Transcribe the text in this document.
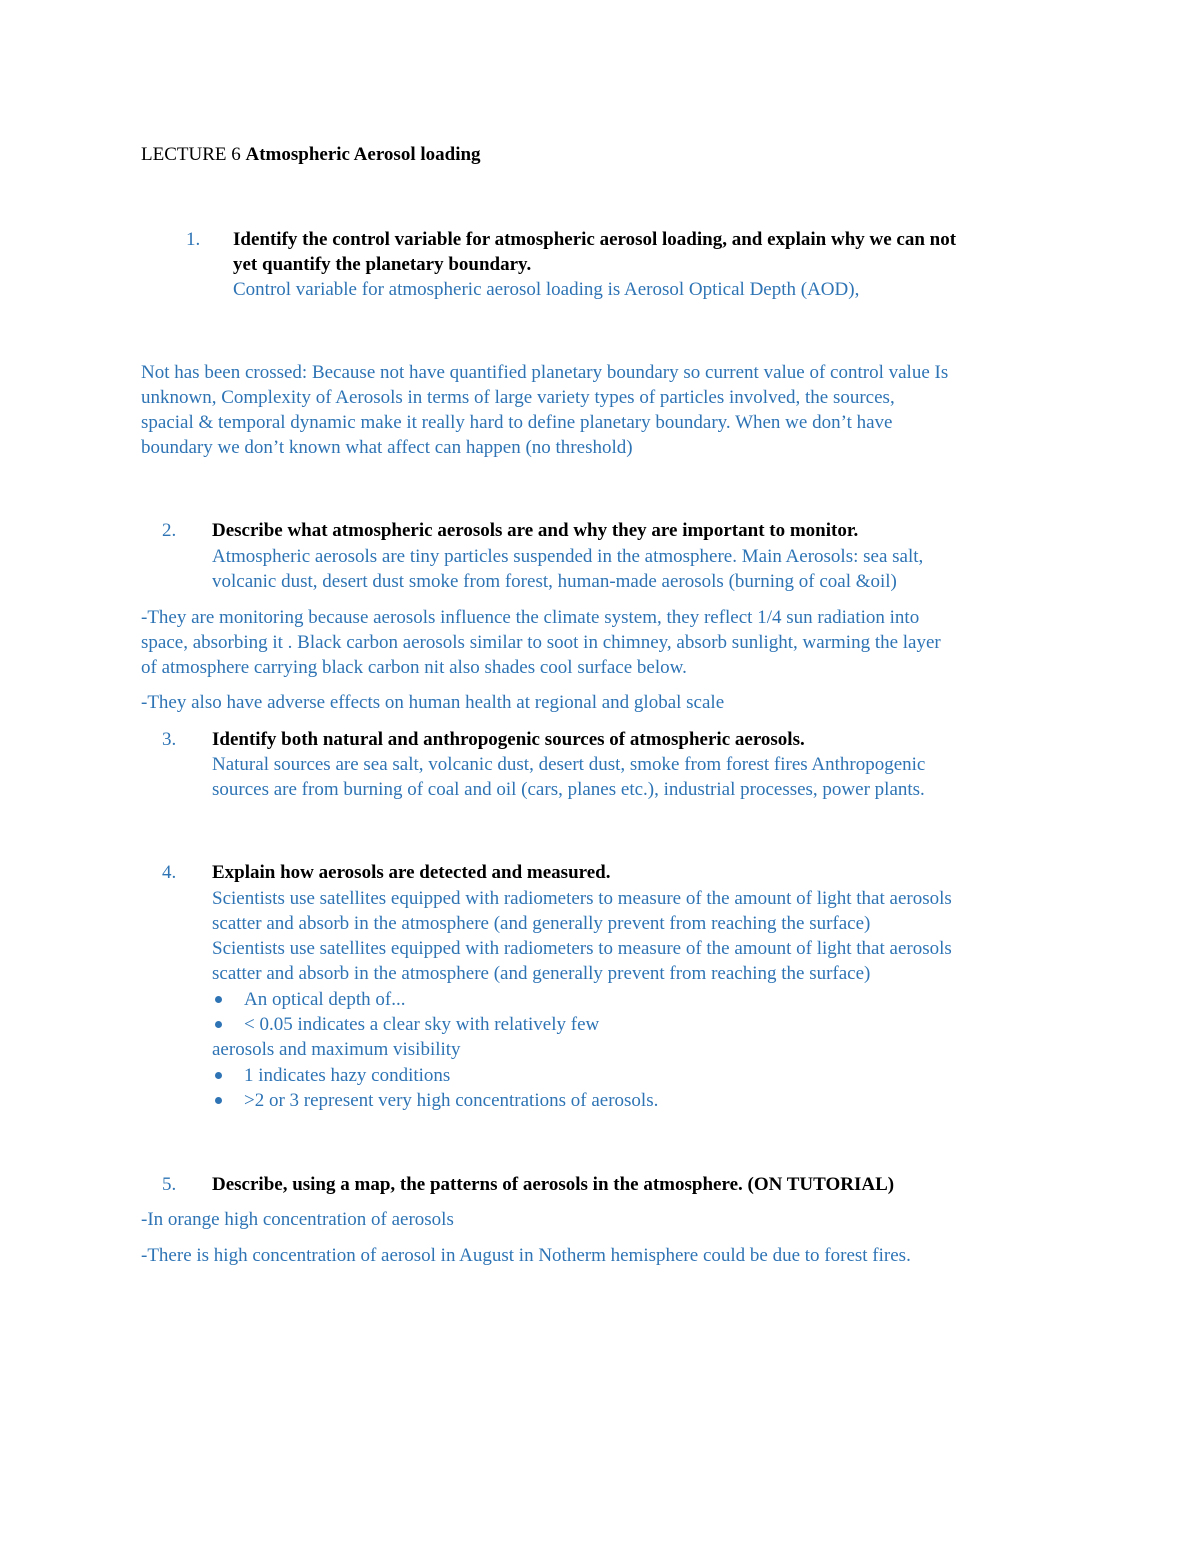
LECTURE 6 Atmospheric Aerosol loading

1. Identify the control variable for atmospheric aerosol loading, and explain why we can not

yet quantify the planetary boundary.

Control variable for atmospheric aerosol loading is Aerosol Optical Depth (AOD),

Not has been crossed: Because not have quantified planetary boundary so current value of control value Is

unknown, Complexity of Aerosols in terms of large variety types of particles involved, the sources,

spacial & temporal dynamic make it really hard to define planetary boundary. When we don’t have

boundary we don’t known what affect can happen (no threshold)

2. Describe what atmospheric aerosols are and why they are important to monitor.

Atmospheric aerosols are tiny particles suspended in the atmosphere. Main Aerosols: sea salt,

volcanic dust, desert dust smoke from forest, human-made aerosols (burning of coal &oil)

-They are monitoring because aerosols influence the climate system, they reflect 1/4 sun radiation into

space, absorbing it . Black carbon aerosols similar to soot in chimney, absorb sunlight, warming the layer

of atmosphere carrying black carbon nit also shades cool surface below.

-They also have adverse effects on human health at regional and global scale

3. Identify both natural and anthropogenic sources of atmospheric aerosols.

Natural sources are sea salt, volcanic dust, desert dust, smoke from forest fires Anthropogenic

sources are from burning of coal and oil (cars, planes etc.), industrial processes, power plants.

4. Explain how aerosols are detected and measured.

Scientists use satellites equipped with radiometers to measure of the amount of light that aerosols

scatter and absorb in the atmosphere (and generally prevent from reaching the surface)

Scientists use satellites equipped with radiometers to measure of the amount of light that aerosols

scatter and absorb in the atmosphere (and generally prevent from reaching the surface)

An optical depth of...

< 0.05 indicates a clear sky with relatively few

aerosols and maximum visibility

1 indicates hazy conditions

>2 or 3 represent very high concentrations of aerosols.

5. Describe, using a map, the patterns of aerosols in the atmosphere. (ON TUTORIAL)

-In orange high concentration of aerosols

-There is high concentration of aerosol in August in Notherm hemisphere could be due to forest fires.
